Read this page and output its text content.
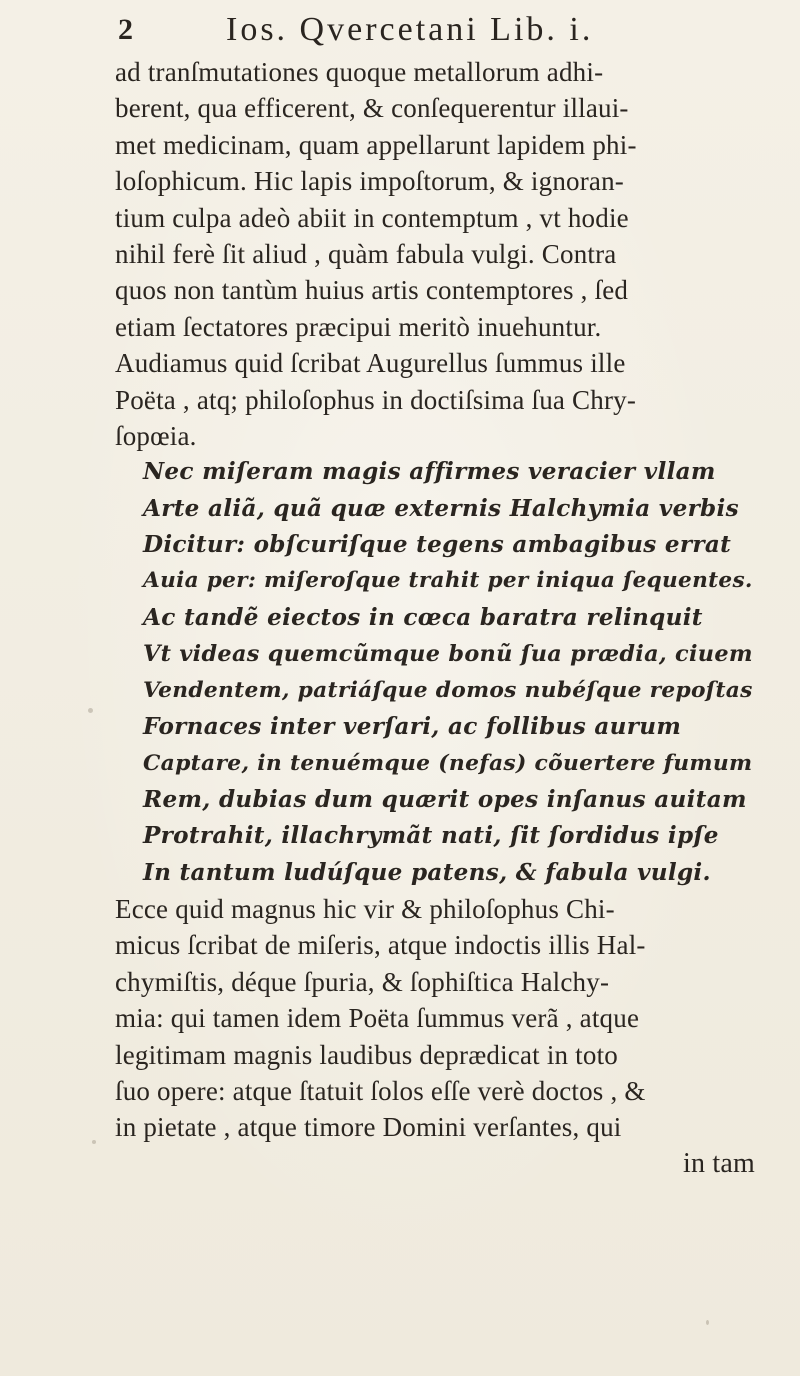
2	Ios. Qvercetani Lib. i.
ad tranſmutationes quoque metallorum adhi-
berent, qua efficerent, & conſequerentur illaui-
met medicinam, quam appellarunt lapidem phi-
loſophicum. Hic lapis impoſtorum, & ignoran-
tium culpa adeò abiit in contemptum , vt hodie
nihil ferè ſit aliud , quàm fabula vulgi. Contra
quos non tantùm huius artis contemptores , ſed
etiam ſectatores præcipui meritò inuehuntur.
Audiamus quid ſcribat Augurellus ſummus ille
Poëta , atq; philoſophus in doctiſsima ſua Chry-
ſopœia.
Nec miſeram magis affirmes veracier vllam
Arte aliã, quã quæ externis Halchymia verbis
Dicitur: obſcuriſque tegens ambagibus errat
Auia per: miſeroſque trahit per iniqua ſequentes.
Ac tandẽ eiectos in cœca baratra relinquit
Vt videas quemcũmque bonũ ſua prædia, ciuem
Vendentem, patriáſque domos nubéſque repoſtas
Fornaces inter verſari, ac follibus aurum
Captare, in tenuémque (nefas) cõuertere fumum
Rem, dubias dum quærit opes inſanus auitam
Protrahit, illachrymãt nati, ſit ſordidus ipſe
In tantum ludúſque patens, & fabula vulgi.
Ecce quid magnus hic vir & philoſophus Chi-
micus ſcribat de miſeris, atque indoctis illis Hal-
chymiſtis, déque ſpuria, & ſophiſtica Halchy-
mia: qui tamen idem Poëta ſummus verã , atque
legitimam magnis laudibus deprædicat in toto
ſuo opere: atque ſtatuit ſolos eſſe verè doctos , &
in pietate , atque timore Domini verſantes, qui
in tam
